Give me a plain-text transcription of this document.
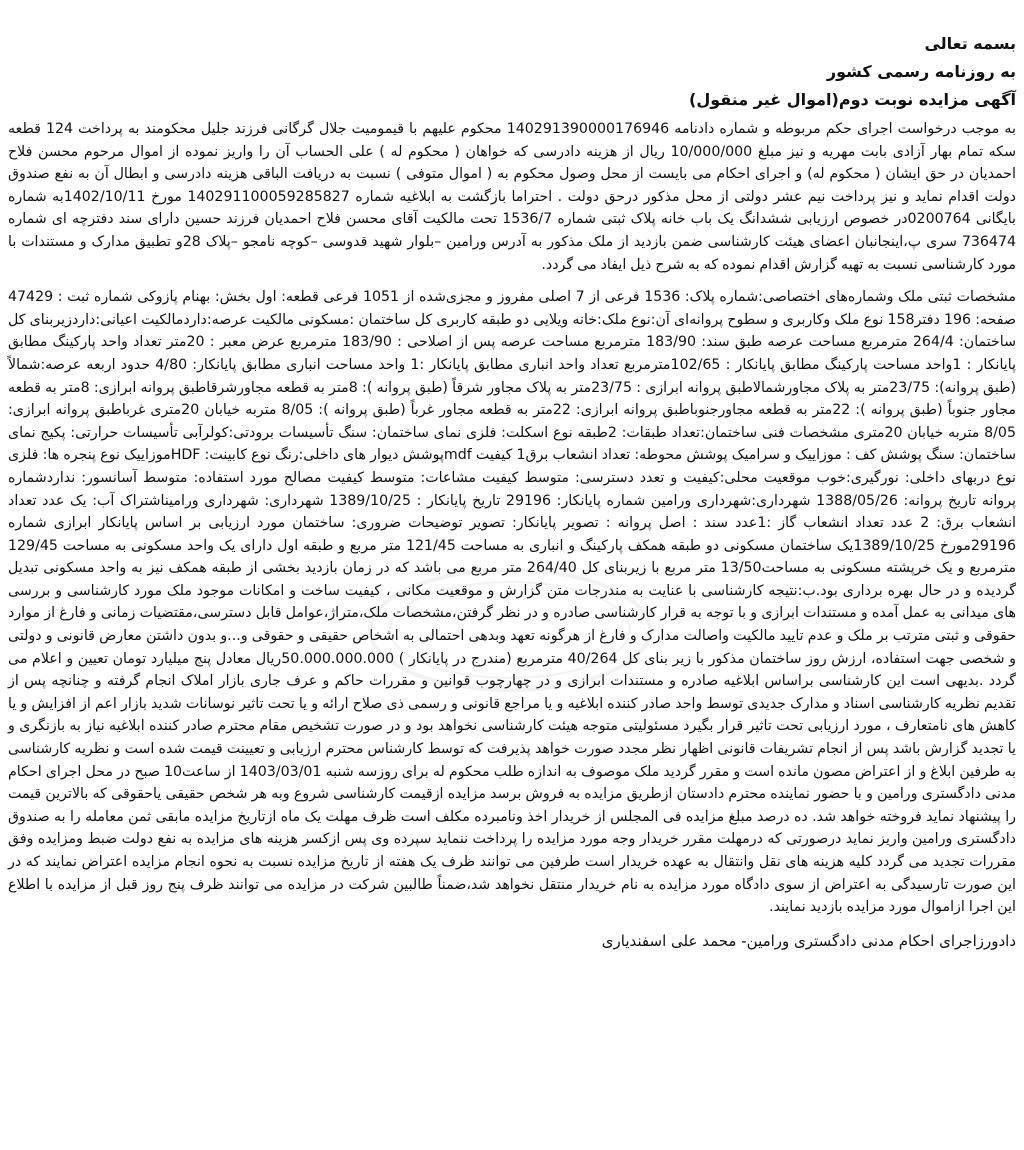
بسمه تعالی

به روزنامه رسمی کشور

آگهی مزایده نوبت دوم(اموال غیر منقول)

به موجب درخواست اجرای حکم مربوطه و شماره دادنامه 140291390000176946 محکوم علیهم با قیمومیت جلال گرگانی فرزند جلیل محکومند به پرداخت 124 قطعه سکه تمام بهار آزادی بابت مهریه و نیز مبلغ 10/000/000 ریال از هزینه دادرسی که خواهان ( محکوم له ) علی الحساب آن را واریز نموده از اموال مرحوم محسن فلاح احمدیان در حق ایشان ( محکوم له) و اجرای احکام می بایست از محل وصول محکوم به ( اموال متوفی ) نسبت به دریافت الباقی هزینه دادرسی و ابطال آن به نفع صندوق دولت اقدام نماید و نیز پرداخت نیم عشر دولتی از محل مذکور درحق دولت . احتراما بازگشت به ابلاغیه شماره 140291100059285827 مورخ 1402/10/11به شماره بایگانی 0200764در خصوص ارزیابی ششدانگ یک باب خانه پلاک ثبتی شماره 1536/7 تحت مالکیت آقای محسن فلاح احمدیان فرزند حسین دارای سند دفترچه ای شماره 736474 سری پ،اینجانبان اعضای هیئت کارشناسی ضمن بازدید از ملک مذکور به آدرس ورامین –بلوار شهید قدوسی –کوچه نامجو –پلاک 28و تطبیق مدارک و مستندات با مورد کارشناسی نسبت به تهیه گزارش اقدام نموده که به شرح ذیل ایفاد می گردد.

مشخصات ثبتی ملک وشماره‌های اختصاصی:شماره پلاک: 1536 فرعی از 7 اصلی مفروز و مجزی‌شده از 1051 فرعی قطعه: اول بخش: بهنام پازوکی شماره ثبت : 47429 صفحه: 196 دفتر158 نوع ملک وکاربری و سطوح پروانه‌ای آن:نوع ملک:خانه ویلایی دو طبقه کاربری کل ساختمان :مسکونی مالکیت عرصه:داردمالکیت اعیانی:داردزیربنای کل ساختمان: 264/4 مترمربع مساحت عرصه طبق سند: 183/90 مترمربع مساحت عرصه پس از اصلاحی : 183/90 مترمربع عرض معبر : 20متر تعداد واحد پارکینگ مطابق پایانکار : 1واحد مساحت پارکینگ مطابق پایانکار : 102/65مترمربع تعداد واحد انباری مطابق پایانکار :1 واحد مساحت انباری مطابق پایانکار: 4/80 حدود اربعه عرصه:شمالاً (طبق پروانه): 23/75متر به پلاک مجاورشمالاطبق پروانه ابرازی : 23/75متر به پلاک مجاور شرقاً (طبق پروانه ): 8متر به قطعه مجاورشرقاطبق پروانه ابرازی: 8متر به قطعه مجاور جنوباً (طبق پروانه ): 22متر به قطعه مجاورجنوباطبق پروانه ابرازی: 22متر به قطعه مجاور غرباً (طبق پروانه ): 8/05 متربه خیابان 20متری غرباطبق پروانه ابرازی: 8/05 متربه خیابان 20متری مشخصات فنی ساختمان:تعداد طبقات: 2طبقه نوع اسکلت: فلزی نمای ساختمان: سنگ تأسیسات برودتی:کولرآبی تأسیسات حرارتی: پکیج نمای ساختمان: سنگ پوشش کف : موزاییک و سرامیک پوشش محوطه: تعداد انشعاب برق1 کیفیت mdfپوشش دیوار های داخلی:رنگ نوع کابینت: HDFموزاییک نوع پنجره ها: فلزی نوع دربهای داخلی: نورگیری:خوب موقعیت محلی:کیفیت و تعدد دسترسی: متوسط کیفیت مشاعات: متوسط کیفیت مصالح مورد استفاده: متوسط آسانسور: نداردشماره پروانه تاریخ پروانه: 1388/05/26 شهرداری:شهرداری ورامین شماره پایانکار: 29196 تاریخ پایانکار : 1389/10/25 شهرداری: شهرداری ورامیناشتراک آب: یک عدد تعداد انشعاب برق: 2 عدد تعداد انشعاب گاز :1عدد سند : اصل پروانه : تصویر پایانکار: تصویر توضیحات ضروری: ساختمان مورد ارزیابی بر اساس پایانکار ابرازی شماره 29196مورخ 1389/10/25یک ساختمان مسکونی دو طبقه همکف پارکینگ و انباری به مساحت 121/45 متر مربع و طبقه اول دارای یک واحد مسکونی به مساحت 129/45 مترمربع و یک خرپشته مسکونی به مساحت13/50 متر مربع با زیربنای کل 264/40 متر مربع می باشد که در زمان بازدید بخشی از طبقه همکف نیز به واحد مسکونی تبدیل گردیده و در حال بهره برداری بود.ب:نتیجه کارشناسی با عنایت به مندرجات متن گزارش و موقعیت مکانی ، کیفیت ساخت و امکانات موجود ملک مورد کارشناسی و بررسی های میدانی به عمل آمده و مستندات ابرازی و با توجه به قرار کارشناسی صادره و در نظر گرفتن،مشخصات ملک،متراژ،عوامل قابل دسترسی،مقتضیات زمانی و فارغ از موارد حقوقی و ثبتی مترتب بر ملک و عدم تایید مالکیت واصالت مدارک و فارغ از هرگونه تعهد وبدهی احتمالی به اشخاص حقیقی و حقوقی و...و بدون داشتن معارض قانونی و دولتی و شخصی جهت استفاده، ارزش روز ساختمان مذکور با زیر بنای کل 40/264 مترمربع (مندرج در پایانکار ) 50.000.000.000ریال معادل پنج میلیارد تومان تعیین و اعلام می گردد .بدیهی است این کارشناسی براساس ابلاغیه صادره و مستندات ابرازی و در چهارچوب قوانین و مقررات حاکم و عرف جاری بازار املاک انجام گرفته و چنانچه پس از تقدیم نظریه کارشناسی اسناد و مدارک جدیدی توسط واحد صادر کننده ابلاغیه و یا مراجع قانونی و رسمی ذی صلاح ارائه و یا تحت تاثیر نوسانات شدید بازار اعم از افزایش و یا کاهش های نامتعارف ، مورد ارزیابی تحت تاثیر قرار بگیرد مسئولیتی متوجه هیئت کارشناسی نخواهد بود و در صورت تشخیص مقام محترم صادر کننده ابلاغیه نیاز به بازنگری و یا تجدید گزارش باشد پس از انجام تشریفات قانونی اظهار نظر مجدد صورت خواهد پذیرفت که توسط کارشناس محترم ارزیابی و تعیینت قیمت شده است و نظریه کارشناسی به طرفین ابلاغ و از اعتراض مصون مانده است و مقرر گردید ملک موصوف به اندازه طلب محکوم له برای روزسه شنبه 1403/03/01 از ساعت10 صبح در محل اجرای احکام مدنی دادگستری ورامین و با حضور نماینده محترم دادستان ازطریق مزایده به فروش برسد مزایده ازقیمت کارشناسی شروع وبه هر شخص حقیقی یاحقوقی که بالاترین قیمت را پیشنهاد نماید فروخته خواهد شد. ده درصد مبلغ مزایده فی المجلس از خریدار اخذ ونامبرده مکلف است ظرف مهلت یک ماه ازتاریخ مزایده مابقی ثمن معامله را به صندوق دادگستری ورامین واریز نماید درصورتی که درمهلت مقرر خریدار وجه مورد مزایده را پرداخت ننماید سپرده وی پس ازکسر هزینه های مزایده به نفع دولت ضبط ومزایده وفق مقررات تجدید می گردد کلیه هزینه های نقل وانتقال به عهده خریدار است طرفین می توانند ظرف یک هفته از تاریخ مزایده نسبت به نحوه انجام مزایده اعتراض نمایند که در این صورت تارسیدگی به اعتراض از سوی دادگاه مورد مزایده به نام خریدار منتقل نخواهد شد،ضمناً طالبین شرکت در مزایده می توانند ظرف پنج روز قبل از مزایده با اطلاع این اجرا ازاموال مورد مزایده بازدید نمایند.

دادورزاجرای احکام مدنی دادگستری ورامین- محمد علی اسفندیاری
